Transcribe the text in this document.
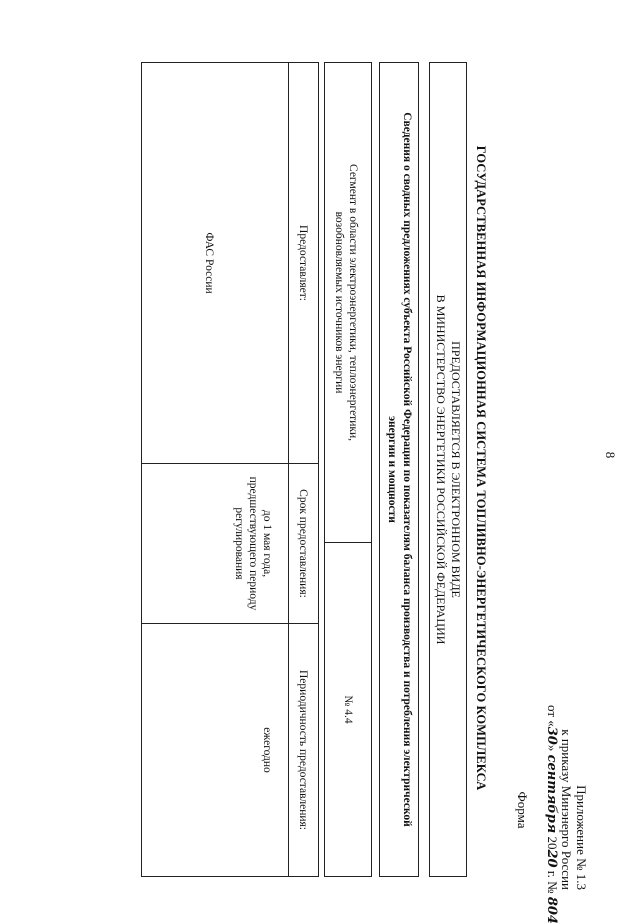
8
Приложение № 1.3
к приказу Минэнерго России
от «30» сентября 2020 г. № 804
Форма
ГОСУДАРСТВЕННАЯ ИНФОРМАЦИОННАЯ СИСТЕМА ТОПЛИВНО-ЭНЕРГЕТИЧЕСКОГО КОМПЛЕКСА
ПРЕДОСТАВЛЯЕТСЯ В ЭЛЕКТРОННОМ ВИДЕ
В МИНИСТЕРСТВО ЭНЕРГЕТИКИ РОССИЙСКОЙ ФЕДЕРАЦИИ
Сведения о сводных предложениях субъекта Российской Федерации по показателям баланса производства и потребления электрической
энергии и мощности
Сегмент в области электроэнергетики, теплоэнергетики,
возобновляемых источников энергии
№ 4.4
Предоставляет:
Срок предоставления:
Периодичность предоставления:
ФАС России
до 1 мая года,
предшествующего периоду
регулирования
ежегодно
